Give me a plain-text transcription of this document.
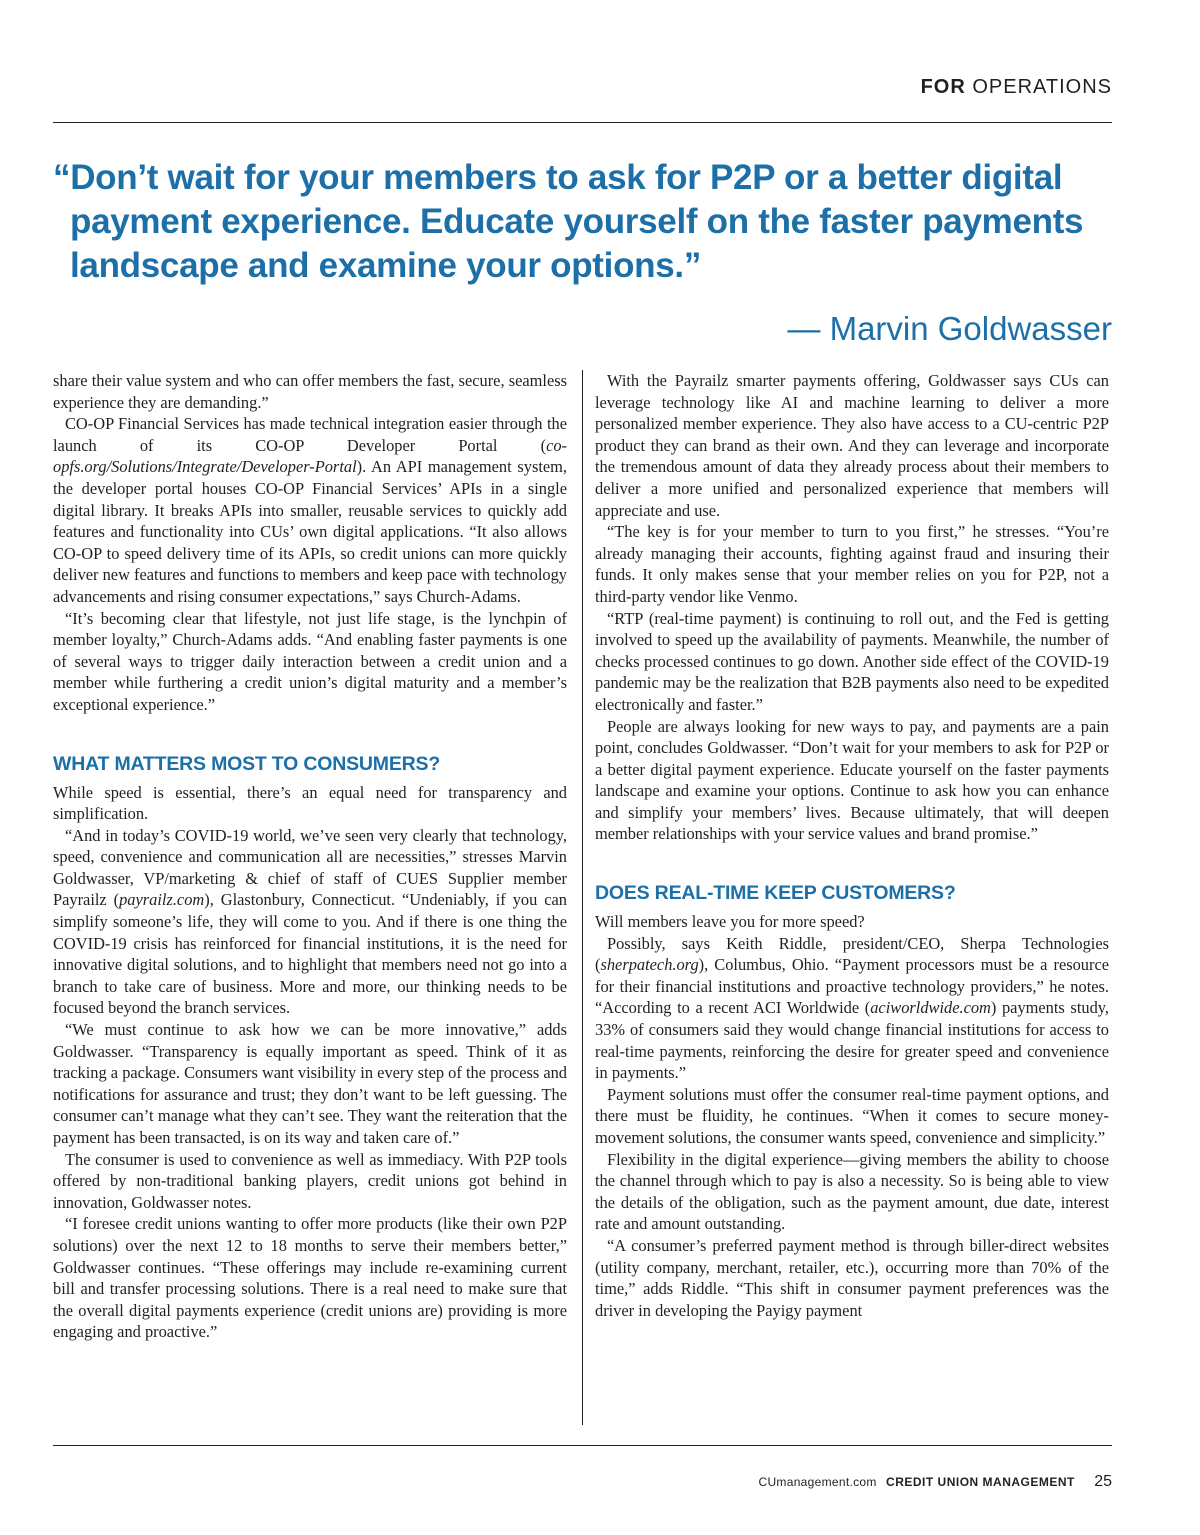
FOR OPERATIONS

“Don’t wait for your members to ask for P2P or a better digital payment experience. Educate yourself on the faster payments landscape and examine your options.”

— Marvin Goldwasser

share their value system and who can offer members the fast, secure, seamless experience they are demanding.”

CO-OP Financial Services has made technical integration easier through the launch of its CO-OP Developer Portal (co-opfs.org/Solutions/Integrate/Developer-Portal). An API management system, the developer portal houses CO-OP Financial Services’ APIs in a single digital library. It breaks APIs into smaller, reusable services to quickly add features and functionality into CUs’ own digital applications. “It also allows CO-OP to speed delivery time of its APIs, so credit unions can more quickly deliver new features and functions to members and keep pace with technology advancements and rising consumer expectations,” says Church-Adams.

“It’s becoming clear that lifestyle, not just life stage, is the lynchpin of member loyalty,” Church-Adams adds. “And enabling faster payments is one of several ways to trigger daily interaction between a credit union and a member while furthering a credit union’s digital maturity and a member’s exceptional experience.”

WHAT MATTERS MOST TO CONSUMERS?

While speed is essential, there’s an equal need for transparency and simplification.

“And in today’s COVID-19 world, we’ve seen very clearly that technology, speed, convenience and communication all are necessities,” stresses Marvin Goldwasser, VP/marketing & chief of staff of CUES Supplier member Payrailz (payrailz.com), Glastonbury, Connecticut. “Undeniably, if you can simplify someone’s life, they will come to you. And if there is one thing the COVID-19 crisis has reinforced for financial institutions, it is the need for innovative digital solutions, and to highlight that members need not go into a branch to take care of business. More and more, our thinking needs to be focused beyond the branch services.

“We must continue to ask how we can be more innovative,” adds Goldwasser. “Transparency is equally important as speed. Think of it as tracking a package. Consumers want visibility in every step of the process and notifications for assurance and trust; they don’t want to be left guessing. The consumer can’t manage what they can’t see. They want the reiteration that the payment has been transacted, is on its way and taken care of.”

The consumer is used to convenience as well as immediacy. With P2P tools offered by non-traditional banking players, credit unions got behind in innovation, Goldwasser notes.

“I foresee credit unions wanting to offer more products (like their own P2P solutions) over the next 12 to 18 months to serve their members better,” Goldwasser continues. “These offerings may include re-examining current bill and transfer processing solutions. There is a real need to make sure that the overall digital payments experience (credit unions are) providing is more engaging and proactive.”

With the Payrailz smarter payments offering, Goldwasser says CUs can leverage technology like AI and machine learning to deliver a more personalized member experience. They also have access to a CU-centric P2P product they can brand as their own. And they can leverage and incorporate the tremendous amount of data they already process about their members to deliver a more unified and personalized experience that members will appreciate and use.

“The key is for your member to turn to you first,” he stresses. “You’re already managing their accounts, fighting against fraud and insuring their funds. It only makes sense that your member relies on you for P2P, not a third-party vendor like Venmo.

“RTP (real-time payment) is continuing to roll out, and the Fed is getting involved to speed up the availability of payments. Meanwhile, the number of checks processed continues to go down. Another side effect of the COVID-19 pandemic may be the realization that B2B payments also need to be expedited electronically and faster.”

People are always looking for new ways to pay, and payments are a pain point, concludes Goldwasser. “Don’t wait for your members to ask for P2P or a better digital payment experience. Educate yourself on the faster payments landscape and examine your options. Continue to ask how you can enhance and simplify your members’ lives. Because ultimately, that will deepen member relationships with your service values and brand promise.”

DOES REAL-TIME KEEP CUSTOMERS?

Will members leave you for more speed?

Possibly, says Keith Riddle, president/CEO, Sherpa Technologies (sherpatech.org), Columbus, Ohio. “Payment processors must be a resource for their financial institutions and proactive technology providers,” he notes. “According to a recent ACI Worldwide (aciworldwide.com) payments study, 33% of consumers said they would change financial institutions for access to real-time payments, reinforcing the desire for greater speed and convenience in payments.”

Payment solutions must offer the consumer real-time payment options, and there must be fluidity, he continues. “When it comes to secure money-movement solutions, the consumer wants speed, convenience and simplicity.”

Flexibility in the digital experience—giving members the ability to choose the channel through which to pay is also a necessity. So is being able to view the details of the obligation, such as the payment amount, due date, interest rate and amount outstanding.

“A consumer’s preferred payment method is through biller-direct websites (utility company, merchant, retailer, etc.), occurring more than 70% of the time,” adds Riddle. “This shift in consumer payment preferences was the driver in developing the Payigy payment

CUmanagement.com CREDIT UNION MANAGEMENT 25
